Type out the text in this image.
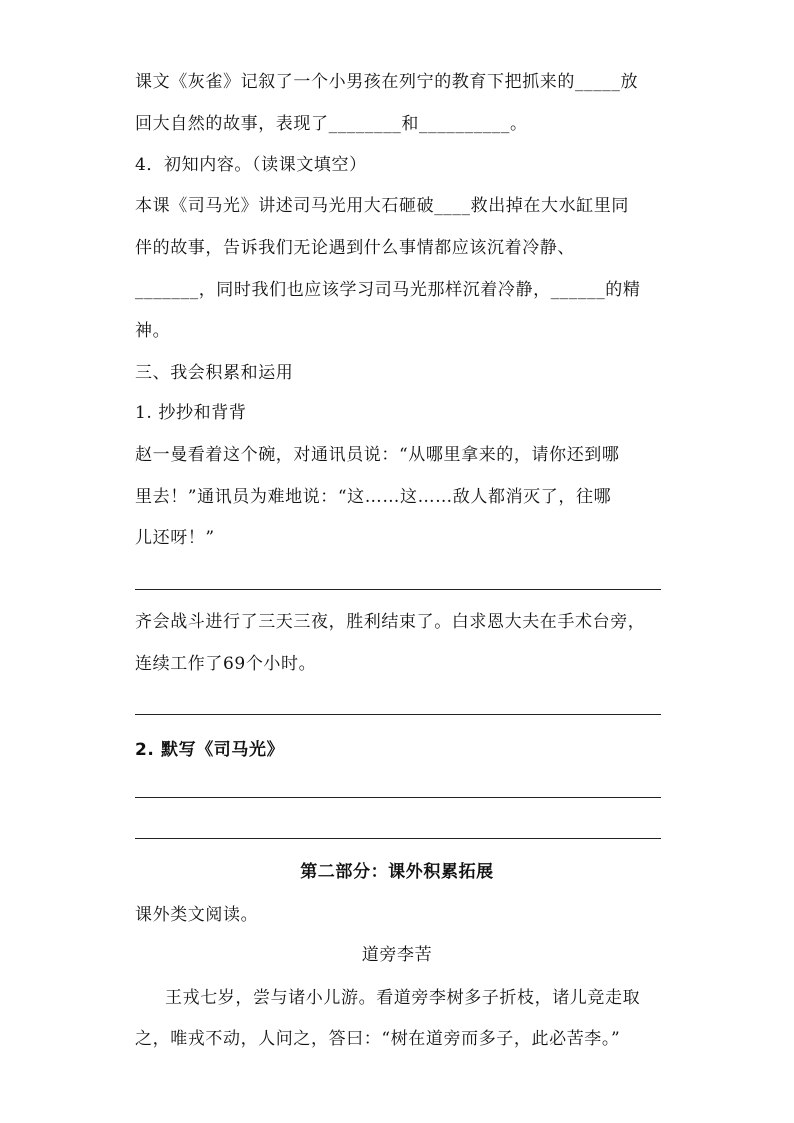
课文《灰雀》记叙了一个小男孩在列宁的教育下把抓来的_____放
回大自然的故事，表现了________和__________。
4．初知内容。（读课文填空）
本课《司马光》讲述司马光用大石砸破____救出掉在大水缸里同
伴的故事，告诉我们无论遇到什么事情都应该沉着冷静、
_______，同时我们也应该学习司马光那样沉着冷静，______的精
神。
三、我会积累和运用
1. 抄抄和背背
赵一曼看着这个碗，对通讯员说：“从哪里拿来的，请你还到哪
里去！”通讯员为难地说：“这……这……敌人都消灭了，往哪
儿还呀！”
齐会战斗进行了三天三夜，胜利结束了。白求恩大夫在手术台旁，
连续工作了69个小时。
2. 默写《司马光》
第二部分：课外积累拓展
课外类文阅读。
道旁李苦
王戎七岁，尝与诸小儿游。看道旁李树多子折枝，诸儿竞走取
之，唯戎不动，人问之，答曰：“树在道旁而多子，此必苦李。”
